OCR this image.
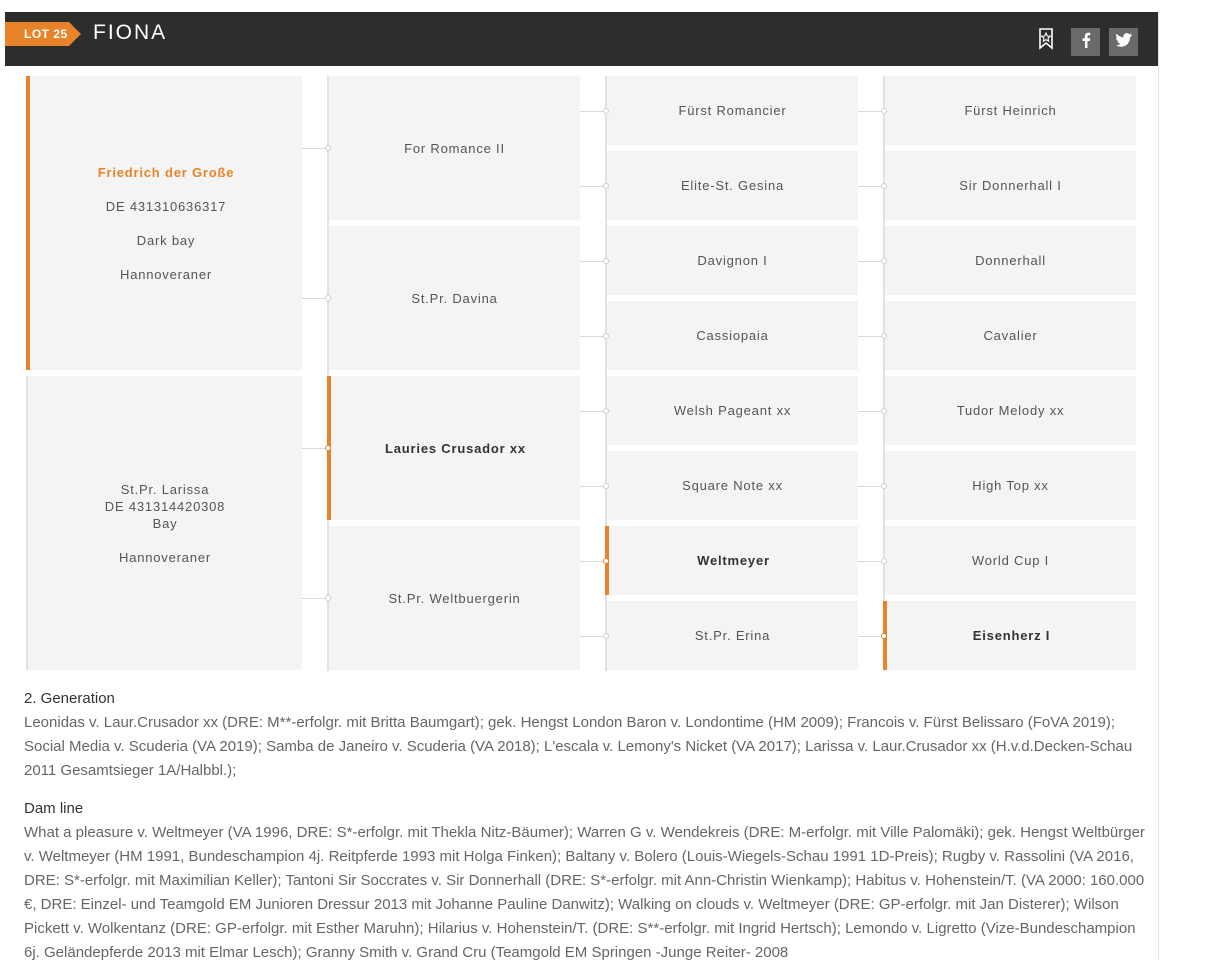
LOT 25 FIONA
Friedrich der Große
DE 431310636317
Dark bay
Hannoveraner
St.Pr. Larissa
DE 431314420308
Bay
Hannoveraner
For Romance II
St.Pr. Davina
Lauries Crusador xx
St.Pr. Weltbuergerin
Fürst Romancier
Elite-St. Gesina
Davignon I
Cassiopaia
Welsh Pageant xx
Square Note xx
Weltmeyer
St.Pr. Erina
Fürst Heinrich
Sir Donnerhall I
Donnerhall
Cavalier
Tudor Melody xx
High Top xx
World Cup I
Eisenherz I
2. Generation
Leonidas v. Laur.Crusador xx (DRE: M**-erfolgr. mit Britta Baumgart); gek. Hengst London Baron v. Londontime (HM 2009); Francois v. Fürst Belissaro (FoVA 2019); Social Media v. Scuderia (VA 2019); Samba de Janeiro v. Scuderia (VA 2018); L'escala v. Lemony's Nicket (VA 2017); Larissa v. Laur.Crusador xx (H.v.d.Decken-Schau 2011 Gesamtsieger 1A/Halbbl.);
Dam line
What a pleasure v. Weltmeyer (VA 1996, DRE: S*-erfolgr. mit Thekla Nitz-Bäumer); Warren G v. Wendekreis (DRE: M-erfolgr. mit Ville Palomäki); gek. Hengst Weltbürger v. Weltmeyer (HM 1991, Bundeschampion 4j. Reitpferde 1993 mit Holga Finken); Baltany v. Bolero (Louis-Wiegels-Schau 1991 1D-Preis); Rugby v. Rassolini (VA 2016, DRE: S*-erfolgr. mit Maximilian Keller); Tantoni Sir Soccrates v. Sir Donnerhall (DRE: S*-erfolgr. mit Ann-Christin Wienkamp); Habitus v. Hohenstein/T. (VA 2000: 160.000 €, DRE: Einzel- und Teamgold EM Junioren Dressur 2013 mit Johanne Pauline Danwitz); Walking on clouds v. Weltmeyer (DRE: GP-erfolgr. mit Jan Disterer); Wilson Pickett v. Wolkentanz (DRE: GP-erfolgr. mit Esther Maruhn); Hilarius v. Hohenstein/T. (DRE: S**-erfolgr. mit Ingrid Hertsch); Lemondo v. Ligretto (Vize-Bundeschampion 6j. Geländepferde 2013 mit Elmar Lesch); Granny Smith v. Grand Cru (Teamgold EM Springen -Junge Reiter- 2008
